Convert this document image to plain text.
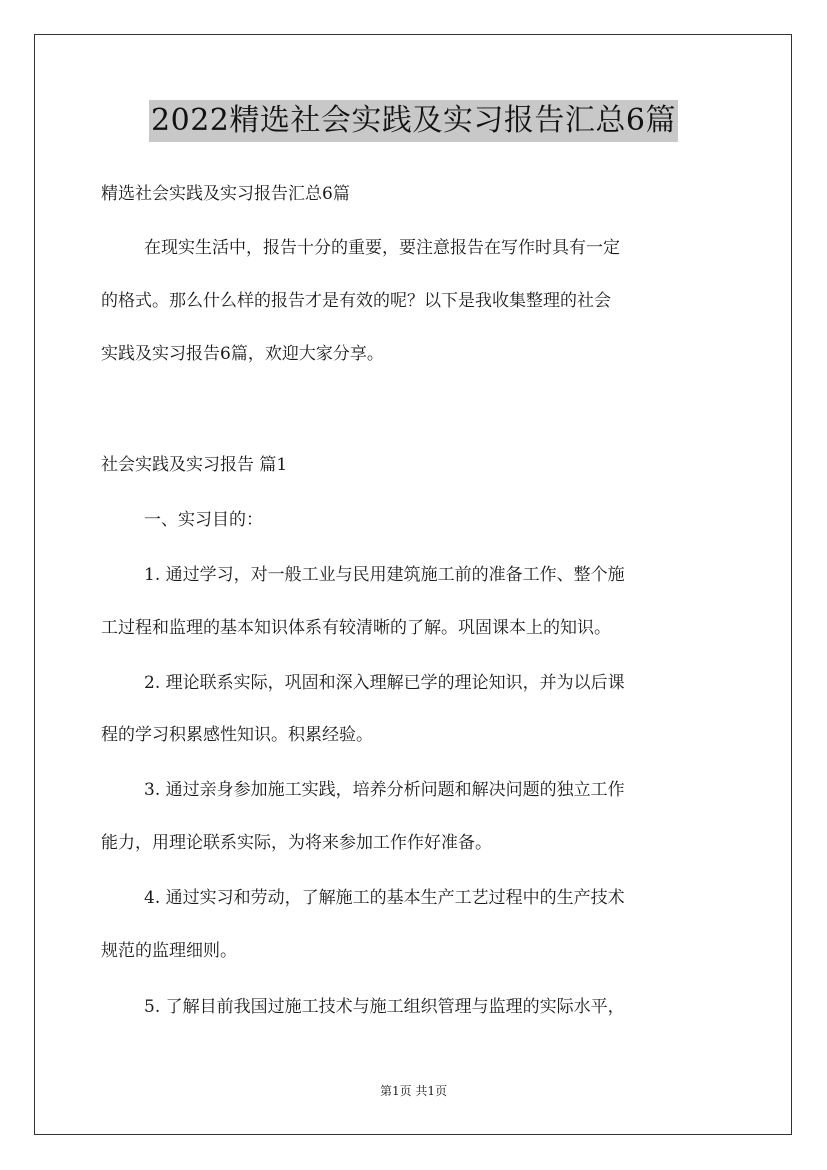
2022精选社会实践及实习报告汇总6篇
精选社会实践及实习报告汇总6篇
在现实生活中，报告十分的重要，要注意报告在写作时具有一定
的格式。那么什么样的报告才是有效的呢？以下是我收集整理的社会
实践及实习报告6篇，欢迎大家分享。
社会实践及实习报告 篇1
一、实习目的：
1. 通过学习，对一般工业与民用建筑施工前的准备工作、整个施
工过程和监理的基本知识体系有较清晰的了解。巩固课本上的知识。
2. 理论联系实际，巩固和深入理解已学的理论知识，并为以后课
程的学习积累感性知识。积累经验。
3. 通过亲身参加施工实践，培养分析问题和解决问题的独立工作
能力，用理论联系实际，为将来参加工作作好准备。
4. 通过实习和劳动，了解施工的基本生产工艺过程中的生产技术
规范的监理细则。
5. 了解目前我国过施工技术与施工组织管理与监理的实际水平，
第1页 共1页
